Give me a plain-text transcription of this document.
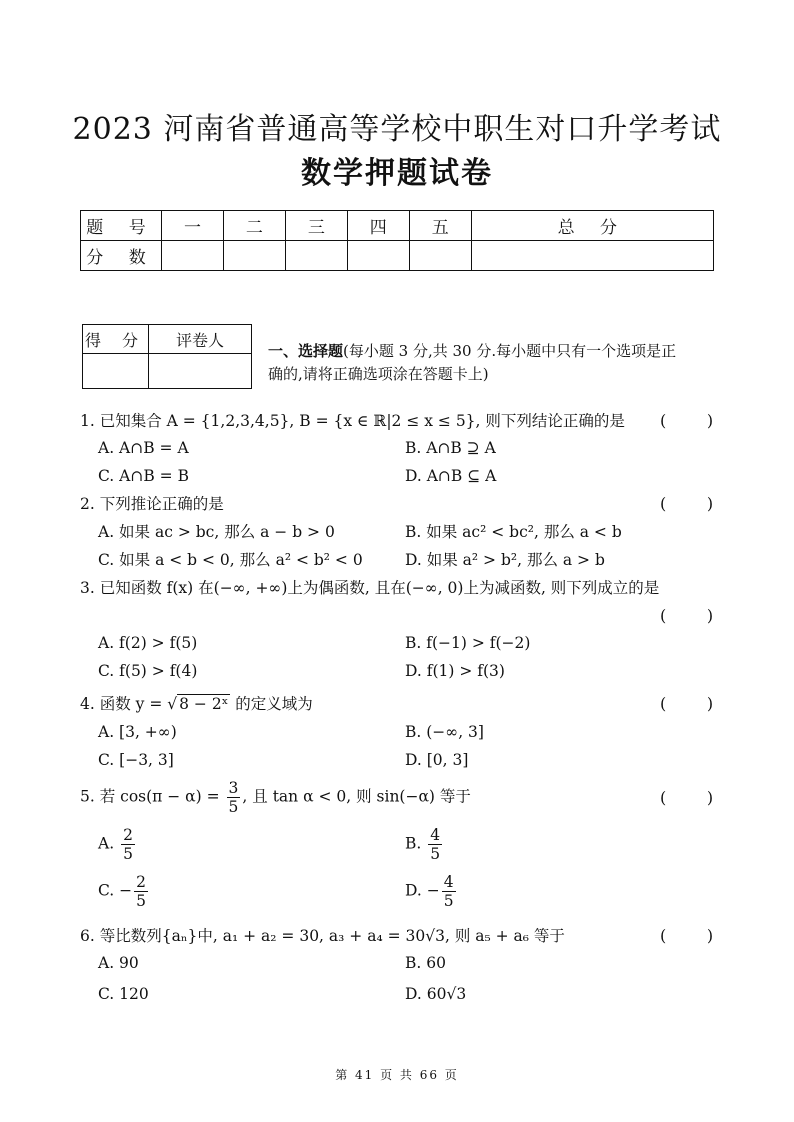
2023 河南省普通高等学校中职生对口升学考试
数学押题试卷
题 号	一	二	三	四	五	总 分
分 数						
得 分	评卷人

一、选择题(每小题 3 分,共 30 分.每小题中只有一个选项是正
确的,请将正确选项涂在答题卡上)
1. 已知集合 A = {1,2,3,4,5}, B = {x ∈ ℝ|2 ≤ x ≤ 5}, 则下列结论正确的是 (        )
A. A∩B = A	B. A∩B ⊇ A
C. A∩B = B	D. A∩B ⊆ A
2. 下列推论正确的是	(        )
A. 如果 ac > bc, 那么 a − b > 0	B. 如果 ac² < bc², 那么 a < b
C. 如果 a < b < 0, 那么 a² < b² < 0	D. 如果 a² > b², 那么 a > b
3. 已知函数 f(x) 在(−∞, +∞)上为偶函数, 且在(−∞, 0)上为减函数, 则下列成立的是
(        )
A. f(2) > f(5)	B. f(−1) > f(−2)
C. f(5) > f(4)	D. f(1) > f(3)
4. 函数 y = √ 8 − 2ˣ 的定义域为	(        )
A. [3, +∞)	B. (−∞, 3]
C. [−3, 3]	D. [0, 3]
5. 若 $\cos(\pi - \alpha) = \frac{3}{5}$ , 且 tan α < 0, 则 sin(−α) 等于	(        )
A. $\frac{2}{5}$	B. $\frac{4}{5}$
C. − $\frac{2}{5}$	D. − $\frac{4}{5}$
6. 等比数列{aₙ}中, a₁ + a₂ = 30, a₃ + a₄ = 30√3, 则 a₅ + a₆ 等于	(        )
A. 90	B. 60
C. 120	D. 60√3
第 41 页 共 66 页
